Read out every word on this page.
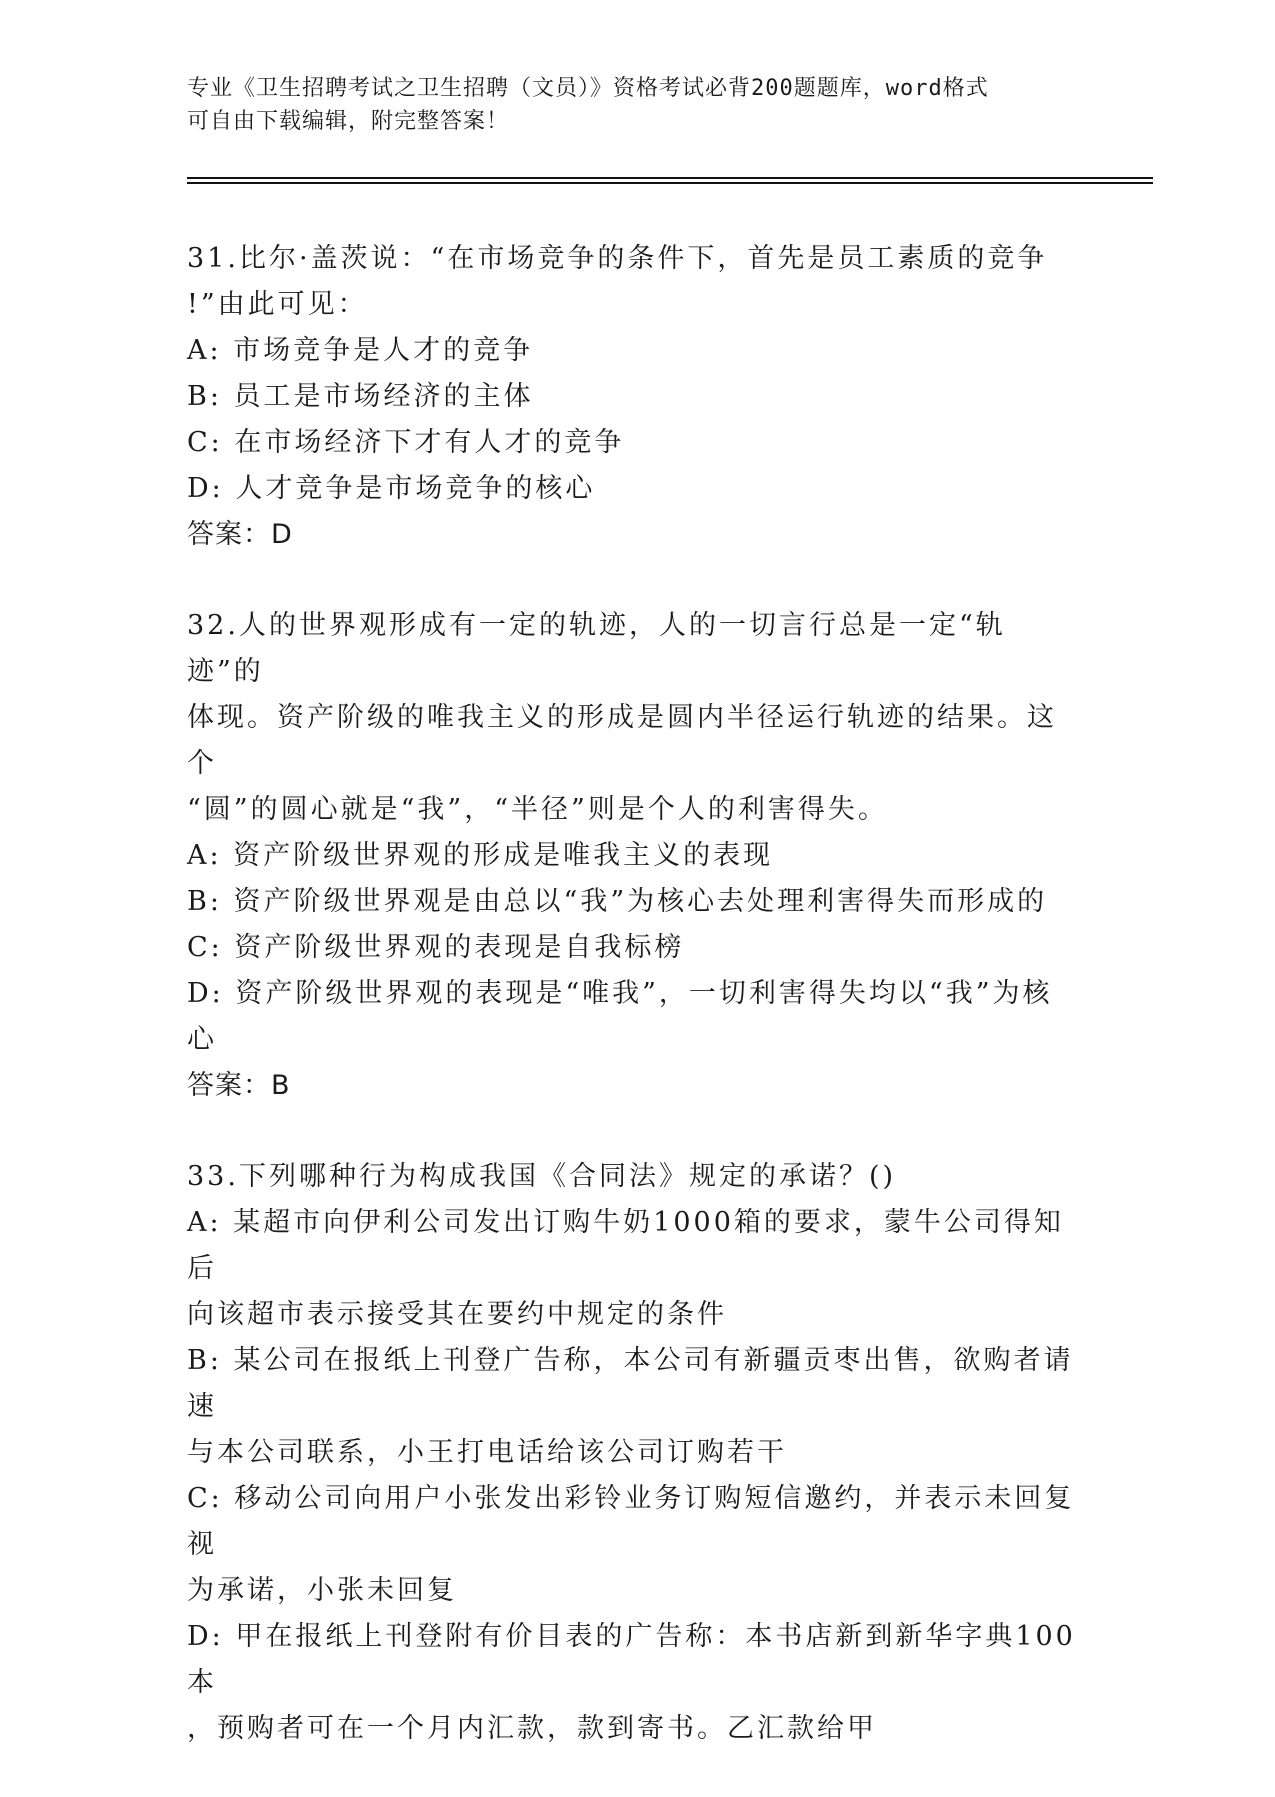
专业《卫生招聘考试之卫生招聘（文员）》资格考试必背200题题库，word格式
可自由下载编辑，附完整答案！
31.比尔·盖茨说：“在市场竞争的条件下，首先是员工素质的竞争
!”由此可见：
A: 市场竞争是人才的竞争
B: 员工是市场经济的主体
C: 在市场经济下才有人才的竞争
D: 人才竞争是市场竞争的核心
答案：D
32.人的世界观形成有一定的轨迹，人的一切言行总是一定“轨迹”的
体现。资产阶级的唯我主义的形成是圆内半径运行轨迹的结果。这个
“圆”的圆心就是“我”，“半径”则是个人的利害得失。
A: 资产阶级世界观的形成是唯我主义的表现
B: 资产阶级世界观是由总以“我”为核心去处理利害得失而形成的
C: 资产阶级世界观的表现是自我标榜
D: 资产阶级世界观的表现是“唯我”，一切利害得失均以“我”为核
心
答案：B
33.下列哪种行为构成我国《合同法》规定的承诺？()
A: 某超市向伊利公司发出订购牛奶1000箱的要求，蒙牛公司得知后
向该超市表示接受其在要约中规定的条件
B: 某公司在报纸上刊登广告称，本公司有新疆贡枣出售，欲购者请速
与本公司联系，小王打电话给该公司订购若干
C: 移动公司向用户小张发出彩铃业务订购短信邀约，并表示未回复视
为承诺，小张未回复
D: 甲在报纸上刊登附有价目表的广告称：本书店新到新华字典100本
，预购者可在一个月内汇款，款到寄书。乙汇款给甲
